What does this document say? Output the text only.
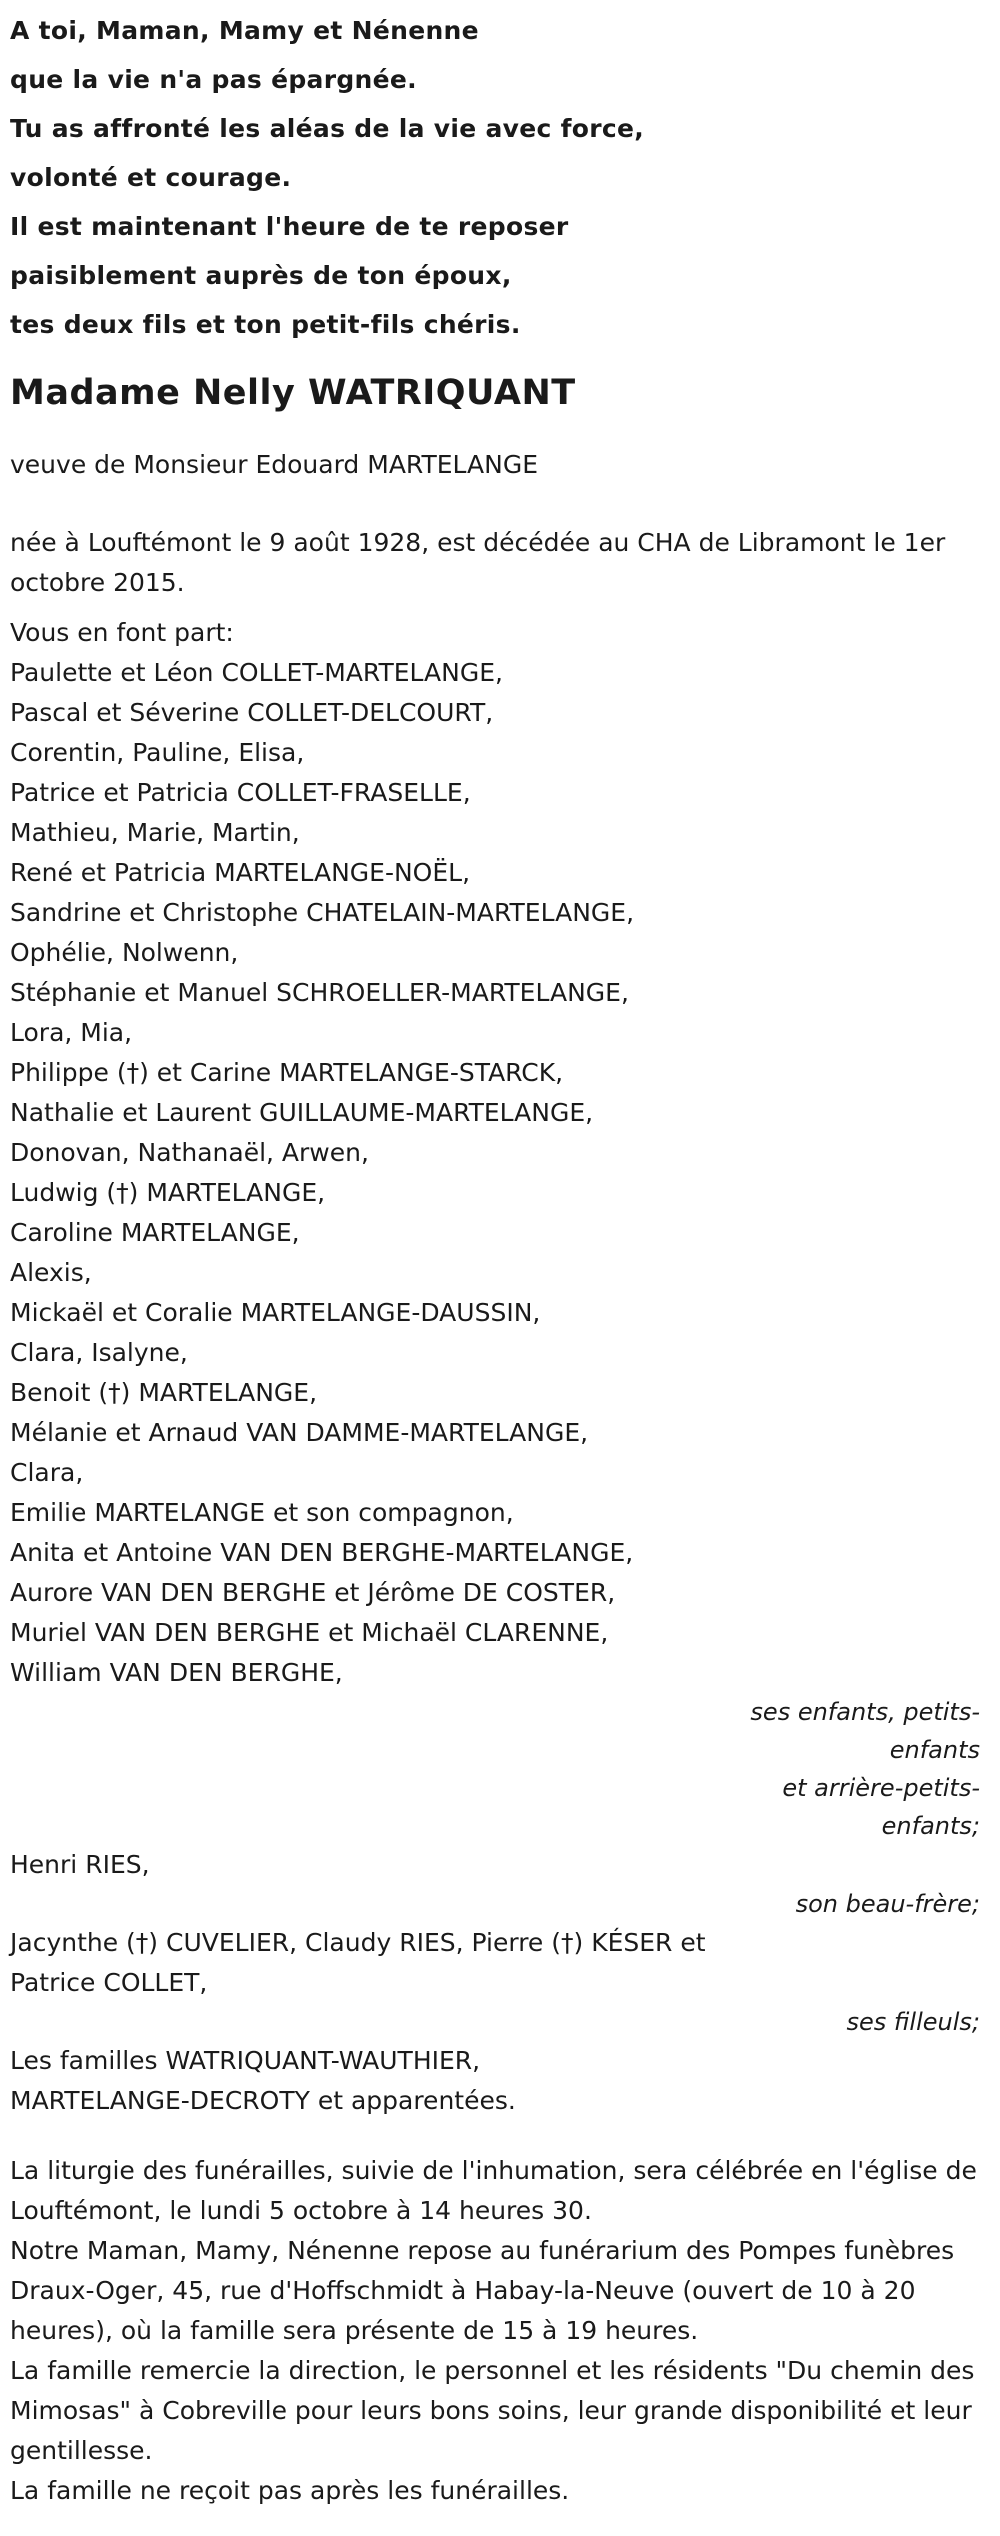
A toi, Maman, Mamy et Nénenne
que la vie n'a pas épargnée.
Tu as affronté les aléas de la vie avec force,
volonté et courage.
Il est maintenant l'heure de te reposer
paisiblement auprès de ton époux,
tes deux fils et ton petit-fils chéris.
Madame Nelly WATRIQUANT
veuve de Monsieur Edouard MARTELANGE
née à Louftémont le 9 août 1928, est décédée au CHA de Libramont le 1er octobre 2015.
Vous en font part:
Paulette et Léon COLLET-MARTELANGE,
Pascal et Séverine COLLET-DELCOURT,
Corentin, Pauline, Elisa,
Patrice et Patricia COLLET-FRASELLE,
Mathieu, Marie, Martin,
René et Patricia MARTELANGE-NOËL,
Sandrine et Christophe CHATELAIN-MARTELANGE,
Ophélie, Nolwenn,
Stéphanie et Manuel SCHROELLER-MARTELANGE,
Lora, Mia,
Philippe (†) et Carine MARTELANGE-STARCK,
Nathalie et Laurent GUILLAUME-MARTELANGE,
Donovan, Nathanaël, Arwen,
Ludwig (†) MARTELANGE,
Caroline MARTELANGE,
Alexis,
Mickaël et Coralie MARTELANGE-DAUSSIN,
Clara, Isalyne,
Benoit (†) MARTELANGE,
Mélanie et Arnaud VAN DAMME-MARTELANGE,
Clara,
Emilie MARTELANGE et son compagnon,
Anita et Antoine VAN DEN BERGHE-MARTELANGE,
Aurore VAN DEN BERGHE et Jérôme DE COSTER,
Muriel VAN DEN BERGHE et Michaël CLARENNE,
William VAN DEN BERGHE,
ses enfants, petits-enfants
et arrière-petits-enfants;
Henri RIES,
son beau-frère;
Jacynthe (†) CUVELIER, Claudy RIES, Pierre (†) KÉSER et Patrice COLLET,
ses filleuls;
Les familles WATRIQUANT-WAUTHIER, MARTELANGE-DECROTY et apparentées.

La liturgie des funérailles, suivie de l'inhumation, sera célébrée en l'église de Louftémont, le lundi 5 octobre à 14 heures 30.

Notre Maman, Mamy, Nénenne repose au funérarium des Pompes funèbres Draux-Oger, 45, rue d'Hoffschmidt à Habay-la-Neuve (ouvert de 10 à 20 heures), où la famille sera présente de 15 à 19 heures.

La famille remercie la direction, le personnel et les résidents "Du chemin des Mimosas" à Cobreville pour leurs bons soins, leur grande disponibilité et leur gentillesse.

La famille ne reçoit pas après les funérailles.
